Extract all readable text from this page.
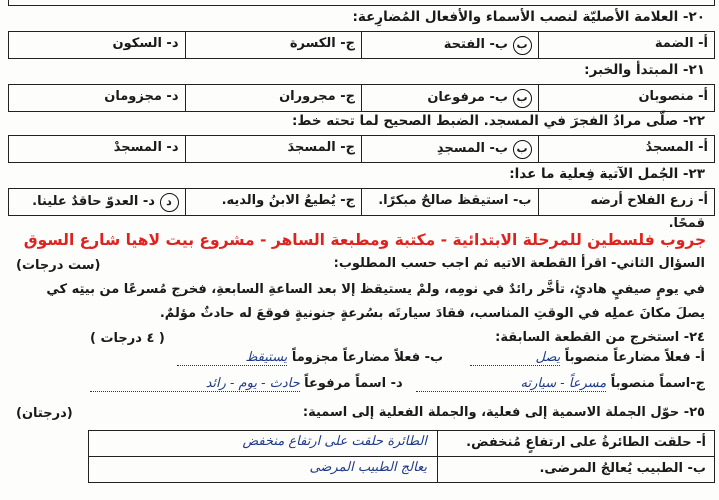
٢٠- العلامة الأصليّة لنصب الأسماء والأفعال المُضارِعة:
أ- الضمة
ب ب- الفتحة
ج- الكسرة
د- السكون
٢١- المبتدأ والخبر:
أ- منصوبان
ب ب- مرفوعان
ج- مجروران
د- مجزومان
٢٢- صلّى مرادُ الفجرَ في المسجد. الضبط الصحيح لما تحته خط:
أ- المسجدُ
ب ب- المسجدِ
ج- المسجدَ
د- المسجدْ
٢٣- الجُمل الآتية فِعلية ما عدا:
أ- زرع الفلاح أرضه
ب- استيقظ صالحٌ مبكرًا.
ج- يُطيعُ الابنُ والديه.
د د- العدوّ حاقدٌ علينا.
قمحًا.
جروب فلسطين للمرحلة الابتدائية - مكتبة ومطبعة الساهر - مشروع بيت لاهيا شارع السوق
السؤال الثاني- اقرأ القطعة الاتيه ثم اجب حسب المطلوب:
(ست درجات)
في يومٍ صيفيٍ هادئٍ، تأخَّر رائدٌ في نومِه، ولمْ يستيقظ إلا بعد الساعةِ السابعةِ، فخرج مُسرعًا من بيتِه كي
يصلَ مكانَ عملِه في الوقتِ المناسب، فقادَ سيارتَه بسُرعةٍ جنونيةٍ فوقعَ له حادثٌ مؤلمٌ.
٢٤- استخرج من القطعة السابقة:
( ٤ درجات )
أ- فعلاً مضارعاً منصوباً يصل      ب- فعلاً مضارعاً مجزوماً يستيقظ
ج-اسماً منصوباً مسرعاً - سيارته   د- اسماً مرفوعاً حادث - يوم - رائد
٢٥- حوّل الجملة الاسمية إلى فعلية، والجملة الفعلية إلى اسمية:
(درجتان)
أ- حلقت الطائرةُ على ارتفاعٍ مُنخفض.
الطائرة حلقت على ارتفاع منخفض
ب- الطبيب يُعالجُ المرضى.
يعالج الطبيب المرضى
